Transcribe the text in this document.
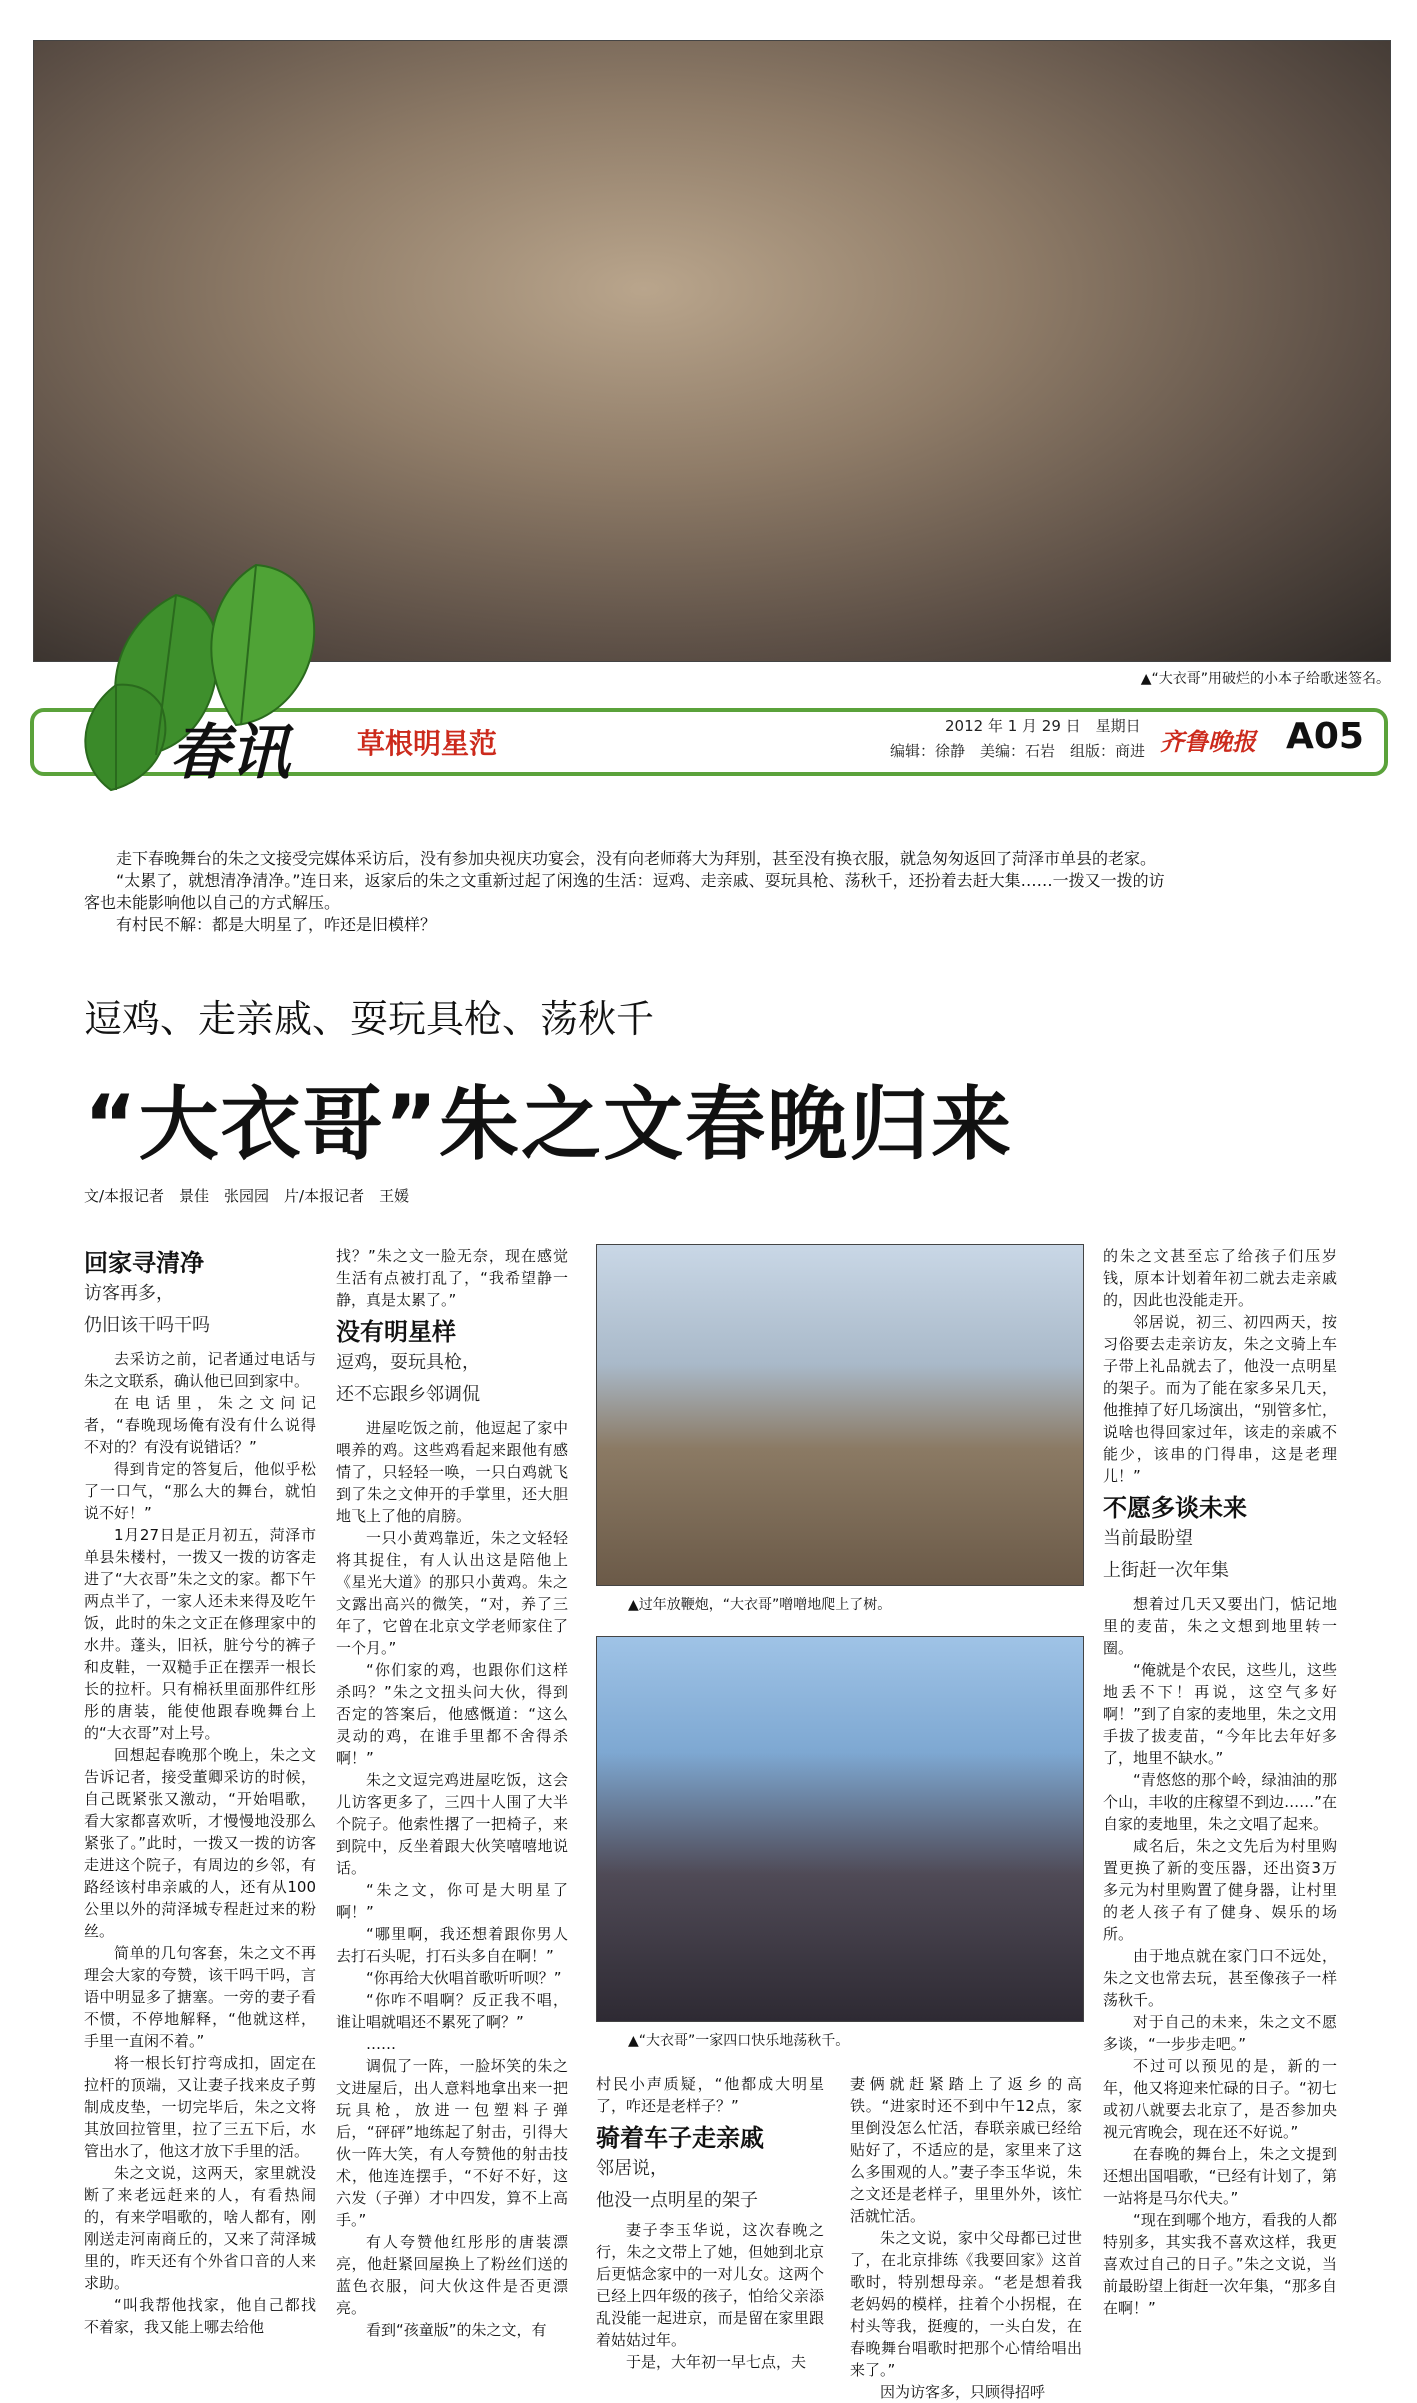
▲“大衣哥”用破烂的小本子给歌迷签名。
春讯 草根明星范
2012 年 1 月 29 日　星期日
编辑：徐静　美编：石岩　组版：商进 齐鲁晚报 A05

走下春晚舞台的朱之文接受完媒体采访后，没有参加央视庆功宴会，没有向老师蒋大为拜别，甚至没有换衣服，就急匆匆返回了菏泽市单县的老家。

“太累了，就想清净清净。”连日来，返家后的朱之文重新过起了闲逸的生活：逗鸡、走亲戚、耍玩具枪、荡秋千，还扮着去赶大集……一拨又一拨的访客也未能影响他以自己的方式解压。

有村民不解：都是大明星了，咋还是旧模样？

逗鸡、走亲戚、耍玩具枪、荡秋千
“大衣哥”朱之文春晚归来
文/本报记者　景佳　张园园　片/本报记者　王媛
回家寻清净
访客再多，
仍旧该干吗干吗

去采访之前，记者通过电话与朱之文联系，确认他已回到家中。

在电话里，朱之文问记者，“春晚现场俺有没有什么说得不对的？有没有说错话？”

得到肯定的答复后，他似乎松了一口气，“那么大的舞台，就怕说不好！”

1月27日是正月初五，菏泽市单县朱楼村，一拨又一拨的访客走进了“大衣哥”朱之文的家。都下午两点半了，一家人还未来得及吃午饭，此时的朱之文正在修理家中的水井。蓬头，旧袄，脏兮兮的裤子和皮鞋，一双糙手正在摆弄一根长长的拉杆。只有棉袄里面那件红彤彤的唐装，能使他跟春晚舞台上的“大衣哥”对上号。

回想起春晚那个晚上，朱之文告诉记者，接受董卿采访的时候，自己既紧张又激动，“开始唱歌，看大家都喜欢听，才慢慢地没那么紧张了。”此时，一拨又一拨的访客走进这个院子，有周边的乡邻，有路经该村串亲戚的人，还有从100公里以外的菏泽城专程赶过来的粉丝。

简单的几句客套，朱之文不再理会大家的夸赞，该干吗干吗，言语中明显多了搪塞。一旁的妻子看不惯，不停地解释，“他就这样，手里一直闲不着。”

将一根长钉拧弯成扣，固定在拉杆的顶端，又让妻子找来皮子剪制成皮垫，一切完毕后，朱之文将其放回拉管里，拉了三五下后，水管出水了，他这才放下手里的活。

朱之文说，这两天，家里就没断了来老远赶来的人，有看热闹的，有来学唱歌的，啥人都有，刚刚送走河南商丘的，又来了菏泽城里的，昨天还有个外省口音的人来求助。

“叫我帮他找家，他自己都找不着家，我又能上哪去给他

找？”朱之文一脸无奈，现在感觉生活有点被打乱了，“我希望静一静，真是太累了。”

没有明星样
逗鸡，耍玩具枪，
还不忘跟乡邻调侃

进屋吃饭之前，他逗起了家中喂养的鸡。这些鸡看起来跟他有感情了，只轻轻一唤，一只白鸡就飞到了朱之文伸开的手掌里，还大胆地飞上了他的肩膀。

一只小黄鸡靠近，朱之文轻轻将其捉住，有人认出这是陪他上《星光大道》的那只小黄鸡。朱之文露出高兴的微笑，“对，养了三年了，它曾在北京文学老师家住了一个月。”

“你们家的鸡，也跟你们这样杀吗？”朱之文扭头问大伙，得到否定的答案后，他感慨道：“这么灵动的鸡，在谁手里都不舍得杀啊！”

朱之文逗完鸡进屋吃饭，这会儿访客更多了，三四十人围了大半个院子。他索性撂了一把椅子，来到院中，反坐着跟大伙笑嘻嘻地说话。

“朱之文，你可是大明星了啊！”

“哪里啊，我还想着跟你男人去打石头呢，打石头多自在啊！”

“你再给大伙唱首歌听听呗？”

“你咋不唱啊？反正我不唱，谁让唱就唱还不累死了啊？”

……

调侃了一阵，一脸坏笑的朱之文进屋后，出人意料地拿出来一把玩具枪，放进一包塑料子弹后，“砰砰”地练起了射击，引得大伙一阵大笑，有人夸赞他的射击技术，他连连摆手，“不好不好，这六发（子弹）才中四发，算不上高手。”

有人夸赞他红彤彤的唐装漂亮，他赶紧回屋换上了粉丝们送的蓝色衣服，问大伙这件是否更漂亮。

看到“孩童版”的朱之文，有

▲过年放鞭炮，“大衣哥”噌噌地爬上了树。
▲“大衣哥”一家四口快乐地荡秋千。

村民小声质疑，“他都成大明星了，咋还是老样子？”

骑着车子走亲戚
邻居说，
他没一点明星的架子

妻子李玉华说，这次春晚之行，朱之文带上了她，但她到北京后更惦念家中的一对儿女。这两个已经上四年级的孩子，怕给父亲添乱没能一起进京，而是留在家里跟着姑姑过年。

于是，大年初一早七点，夫

妻俩就赶紧踏上了返乡的高铁。“进家时还不到中午12点，家里倒没怎么忙活，春联亲戚已经给贴好了，不适应的是，家里来了这么多围观的人。”妻子李玉华说，朱之文还是老样子，里里外外，该忙活就忙活。

朱之文说，家中父母都已过世了，在北京排练《我要回家》这首歌时，特别想母亲。“老是想着我老妈妈的模样，拄着个小拐棍，在村头等我，挺瘦的，一头白发，在春晚舞台唱歌时把那个心情给唱出来了。”

因为访客多，只顾得招呼

的朱之文甚至忘了给孩子们压岁钱，原本计划着年初二就去走亲戚的，因此也没能走开。

邻居说，初三、初四两天，按习俗要去走亲访友，朱之文骑上车子带上礼品就去了，他没一点明星的架子。而为了能在家多呆几天，他推掉了好几场演出，“别管多忙，说啥也得回家过年，该走的亲戚不能少，该串的门得串，这是老理儿！”

不愿多谈未来
当前最盼望
上街赶一次年集

想着过几天又要出门，惦记地里的麦苗，朱之文想到地里转一圈。

“俺就是个农民，这些儿，这些地丢不下！再说，这空气多好啊！”到了自家的麦地里，朱之文用手拔了拔麦苗，“今年比去年好多了，地里不缺水。”

“青悠悠的那个岭，绿油油的那个山，丰收的庄稼望不到边……”在自家的麦地里，朱之文唱了起来。

咸名后，朱之文先后为村里购置更换了新的变压器，还出资3万多元为村里购置了健身器，让村里的老人孩子有了健身、娱乐的场所。

由于地点就在家门口不远处，朱之文也常去玩，甚至像孩子一样荡秋千。

对于自己的未来，朱之文不愿多谈，“一步步走吧。”

不过可以预见的是，新的一年，他又将迎来忙碌的日子。“初七或初八就要去北京了，是否参加央视元宵晚会，现在还不好说。”

在春晚的舞台上，朱之文提到还想出国唱歌，“已经有计划了，第一站将是马尔代夫。”

“现在到哪个地方，看我的人都特别多，其实我不喜欢这样，我更喜欢过自己的日子。”朱之文说，当前最盼望上街赶一次年集，“那多自在啊！”
